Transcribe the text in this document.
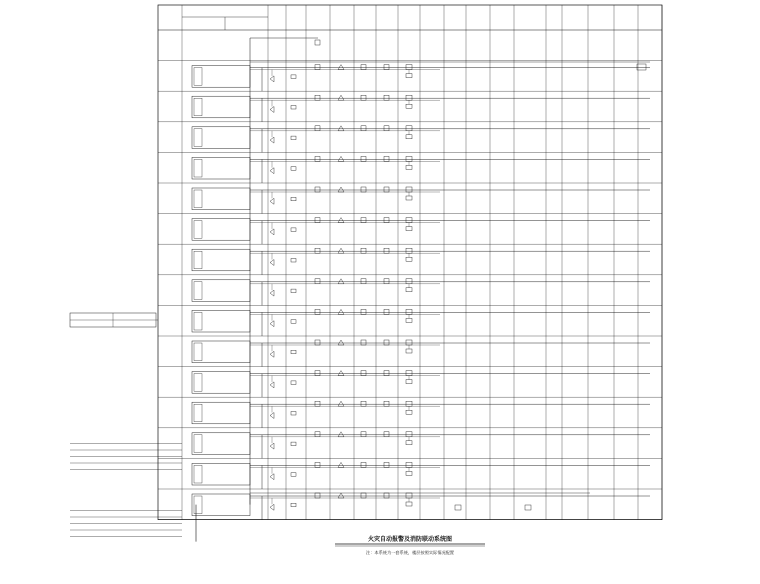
火灾自动报警及消防联动系统图
注：本系统为一套系统，楼层按照实际情况配置
